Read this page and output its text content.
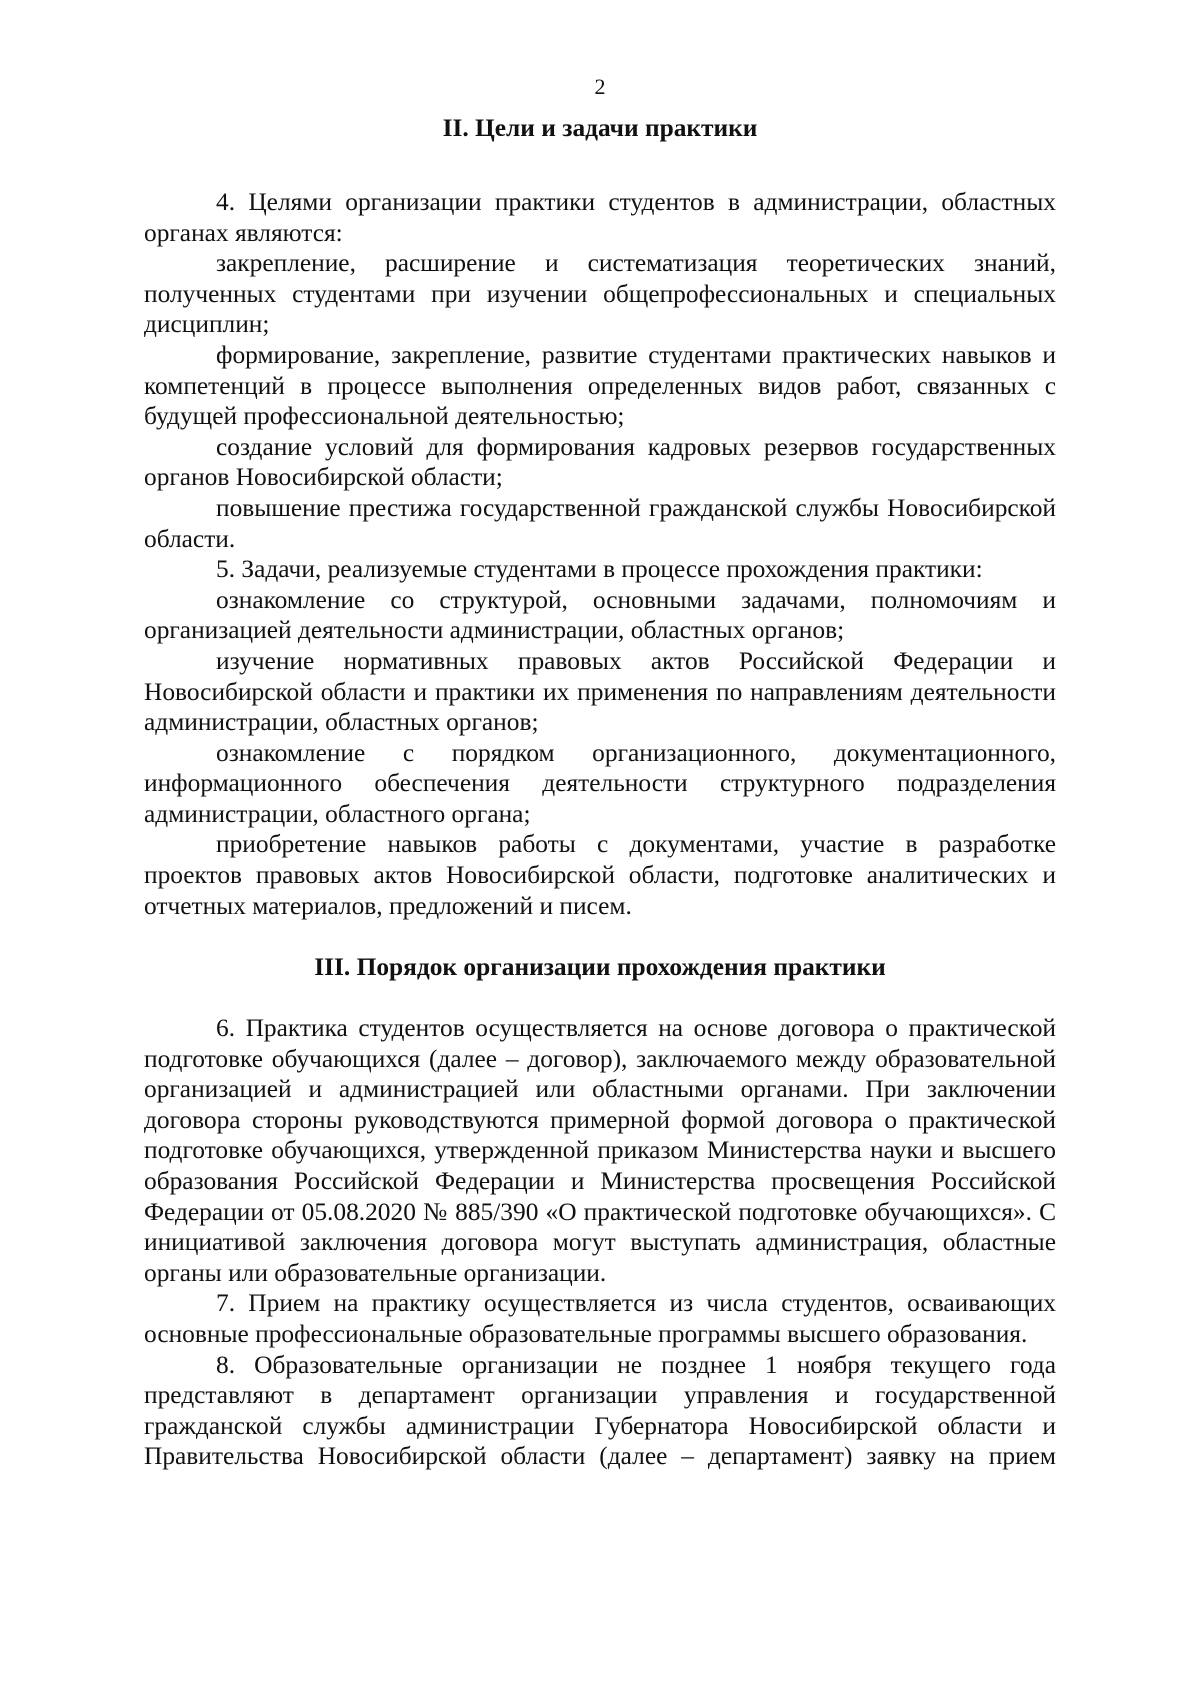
2
II. Цели и задачи практики

4. Целями организации практики студентов в администрации, областных органах являются:

закрепление, расширение и систематизация теоретических знаний, полученных студентами при изучении общепрофессиональных и специальных дисциплин;

формирование, закрепление, развитие студентами практических навыков и компетенций в процессе выполнения определенных видов работ, связанных с будущей профессиональной деятельностью;

создание условий для формирования кадровых резервов государственных органов Новосибирской области;

повышение престижа государственной гражданской службы Новосибирской области.

5. Задачи, реализуемые студентами в процессе прохождения практики:

ознакомление со структурой, основными задачами, полномочиям и организацией деятельности администрации, областных органов;

изучение нормативных правовых актов Российской Федерации и Новосибирской области и практики их применения по направлениям деятельности администрации, областных органов;

ознакомление с порядком организационного, документационного, информационного обеспечения деятельности структурного подразделения администрации, областного органа;

приобретение навыков работы с документами, участие в разработке проектов правовых актов Новосибирской области, подготовке аналитических и отчетных материалов, предложений и писем.

III. Порядок организации прохождения практики

6. Практика студентов осуществляется на основе договора о практической подготовке обучающихся (далее – договор), заключаемого между образовательной организацией и администрацией или областными органами. При заключении договора стороны руководствуются примерной формой договора о практической подготовке обучающихся, утвержденной приказом Министерства науки и высшего образования Российской Федерации и Министерства просвещения Российской Федерации от 05.08.2020 № 885/390 «О практической подготовке обучающихся». С инициативой заключения договора могут выступать администрация, областные органы или образовательные организации.

7. Прием на практику осуществляется из числа студентов, осваивающих основные профессиональные образовательные программы высшего образования.

8. Образовательные организации не позднее 1 ноября текущего года представляют в департамент организации управления и государственной гражданской службы администрации Губернатора Новосибирской области и Правительства Новосибирской области (далее – департамент) заявку на прием
